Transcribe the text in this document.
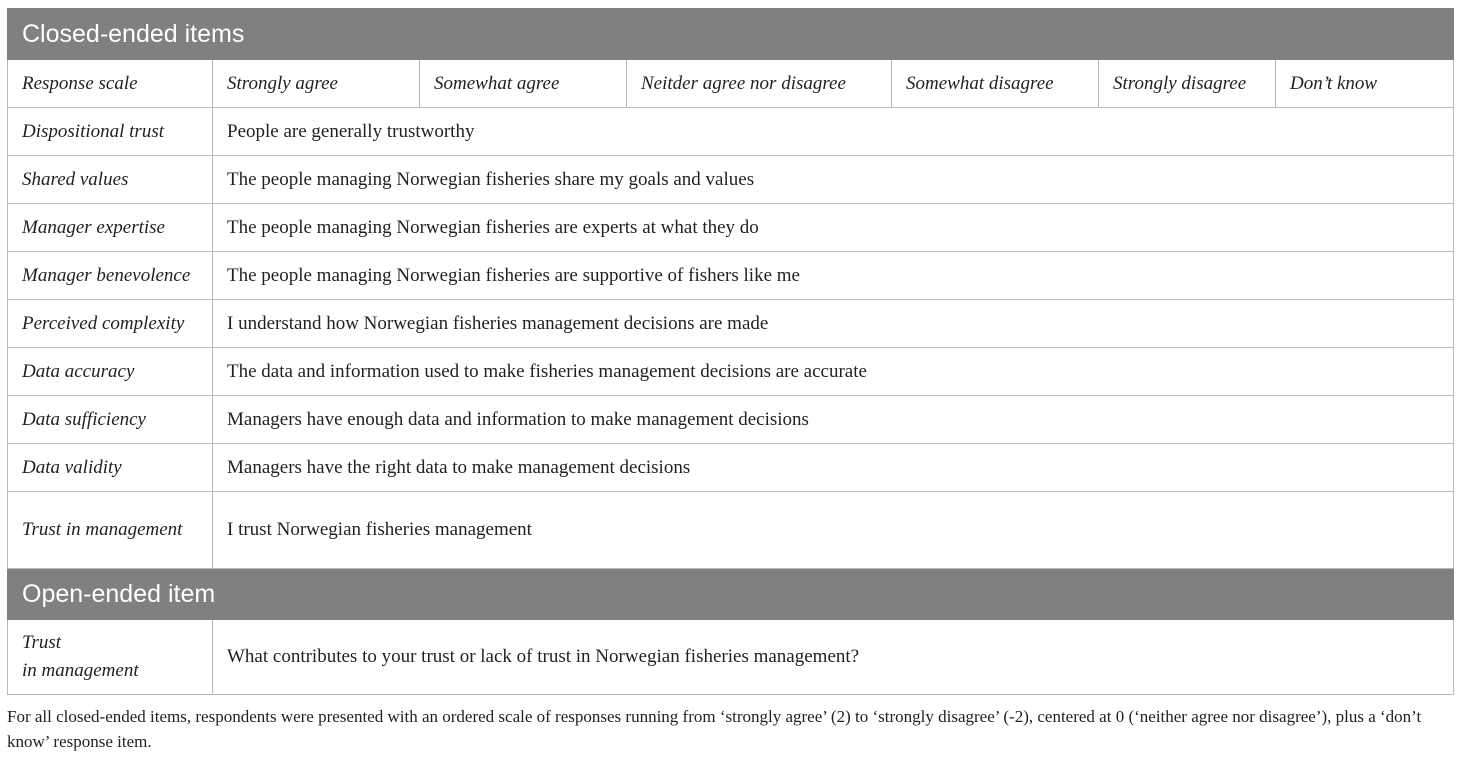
Closed-ended items						
Response scale	Strongly agree	Somewhat agree	Neitder agree nor disagree	Somewhat disagree	Strongly disagree	Don’t know
Dispositional trust	People are generally trustworthy					
Shared values	The people managing Norwegian fisheries share my goals and values					
Manager expertise	The people managing Norwegian fisheries are experts at what they do					
Manager benevolence	The people managing Norwegian fisheries are supportive of fishers like me					
Perceived complexity	I understand how Norwegian fisheries management decisions are made					
Data accuracy	The data and information used to make fisheries management decisions are accurate					
Data sufficiency	Managers have enough data and information to make management decisions					
Data validity	Managers have the right data to make management decisions					
Trust in management	I trust Norwegian fisheries management					
Open-ended item						
Trust
in management	What contributes to your trust or lack of trust in Norwegian fisheries management?					

For all closed-ended items, respondents were presented with an ordered scale of responses running from ‘strongly agree’ (2) to ‘strongly disagree’ (-2), centered at 0 (‘neither agree nor disagree’), plus a ‘don’t know’ response item.
